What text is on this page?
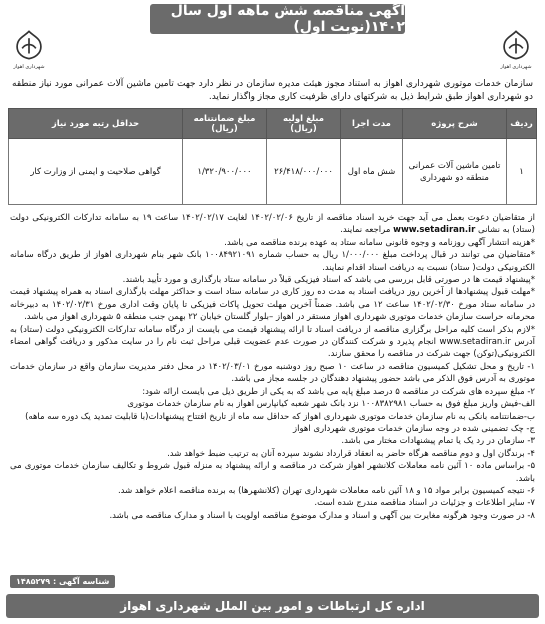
شهرداری اهواز
شهرداری اهواز
آگهی مناقصه شش ماهه اول سال ۱۴۰۲(نوبت اول)
سازمان خدمات موتوری شهرداری اهواز به استناد مجوز هیئت مدیره سازمان در نظر دارد جهت تامین ماشین آلات عمرانی مورد نیاز منطقه دو شهرداری اهواز طبق شرایط ذیل به شرکتهای دارای ظرفیت کاری مجاز واگذار نماید.
ردیف	شرح پروژه	مدت اجرا	مبلغ اولیه (ریال)	مبلغ ضمانتنامه (ریال)	حداقل رتبه مورد نیاز
۱	تامین ماشین آلات عمرانی منطقه دو شهرداری	شش ماه اول	۲۶/۴۱۸/۰۰۰/۰۰۰	۱/۳۲۰/۹۰۰/۰۰۰	گواهی صلاحیت و ایمنی از وزارت کار

از متقاضیان دعوت بعمل می آید جهت خرید اسناد مناقصه از تاریخ ۱۴۰۲/۰۲/۰۶ لغایت ۱۴۰۲/۰۲/۱۷ ساعت ۱۹ به سامانه تدارکات الکترونیکی دولت (ستاد) به نشانی www.setadiran.ir مراجعه نمایند.

*هزینه انتشار آگهی روزنامه و وجوه قانونی سامانه ستاد به عهده برنده مناقصه می باشد.

*متقاضیان می توانند در قبال پرداخت مبلغ ۱/۰۰۰/۰۰۰ ریال به حساب شماره ۱۰۰۸۴۹۲۱۰۹۱ بانک شهر بنام شهرداری اهواز از طریق درگاه سامانه الکترونیکی دولت( ستاد) نسبت به دریافت اسناد اقدام نمایند.

*پیشنهاد قیمت ها در صورتی قابل بررسی می باشد که اسناد فیزیکی قبلاً در سامانه ستاد بارگذاری و مورد تأیید باشند.

*مهلت قبول پیشنهادها از آخرین روز دریافت اسناد به مدت ده روز کاری در سامانه ستاد است و حداکثر مهلت بارگذاری اسناد به همراه پیشنهاد قیمت در سامانه ستاد مورخ ۱۴۰۲/۰۲/۳۰ ساعت ۱۲ می باشد. ضمناً آخرین مهلت تحویل پاکات فیزیکی تا پایان وقت اداری مورخ ۱۴۰۲/۰۲/۳۱ به دبیرخانه محرمانه حراست سازمان خدمات موتوری شهرداری اهواز مستقر در اهواز –بلوار گلستان خیابان ۲۲ بهمن جنب منطقه ۵ شهرداری اهواز می باشد.

*لازم بذکر است کلیه مراحل برگزاری مناقصه از دریافت اسناد تا ارائه پیشنهاد قیمت می بایست از درگاه سامانه تدارکات الکترونیکی دولت (ستاد) به آدرس www.setadiran.ir انجام پذیرد و شرکت کنندگان در صورت عدم عضویت قبلی مراحل ثبت نام را در سایت مذکور و دریافت گواهی امضاء الکترونیکی(توکن) جهت شرکت در مناقصه را محقق سازند.

۱- تاریخ و محل تشکیل کمیسیون مناقصه در ساعت ۱۰ صبح روز دوشنبه مورخ ۱۴۰۲/۰۳/۰۱ در محل دفتر مدیریت سازمان واقع در سازمان خدمات موتوری به آدرس فوق الذکر می باشد حضور پیشنهاد دهندگان در جلسه مجاز می باشد.

۲- مبلغ سپرده های شرکت در مناقصه ۵ درصد مبلغ پایه می باشد که به یکی از طریق ذیل می بایست ارائه شود:

الف-فیش واریز مبلغ فوق به حساب ۱۰۰۸۳۸۲۹۸۱ نزد بانک شهر شعبه کیانپارس اهواز به نام سازمان خدمات موتوری

ب-ضمانتنامه بانکی به نام سازمان خدمات موتوری شهرداری اهواز که حداقل سه ماه از تاریخ افتتاح پیشنهادات(با قابلیت تمدید یک دوره سه ماهه)

ج- چک تضمینی شده در وجه سازمان خدمات موتوری شهرداری اهواز

۳- سازمان در رد یک یا تمام پیشنهادات مختار می باشد.

۴- برندگان اول و دوم مناقصه هرگاه حاضر به انعقاد قرارداد نشوند سپرده آنان به ترتیب ضبط خواهد شد.

۵- براساس ماده ۱۰ آئین نامه معاملات کلانشهر اهواز شرکت در مناقصه و ارائه پیشنهاد به منزله قبول شروط و تکالیف سازمان خدمات موتوری می باشد.

۶- نتیجه کمیسیون برابر مواد ۱۵ و ۱۸ آئین نامه معاملات شهرداری تهران (کلانشهرها) به برنده مناقصه اعلام خواهد شد.

۷- سایر اطلاعات و جزئیات در اسناد مناقصه مندرج شده است.

۸- در صورت وجود هرگونه مغایرت بین آگهی و اسناد و مدارک موضوع مناقصه اولویت با اسناد و مدارک مناقصه می باشد.

شناسه آگهی : ۱۴۸۵۲۷۹
اداره کل ارتباطات و امور بین الملل شهرداری اهواز
